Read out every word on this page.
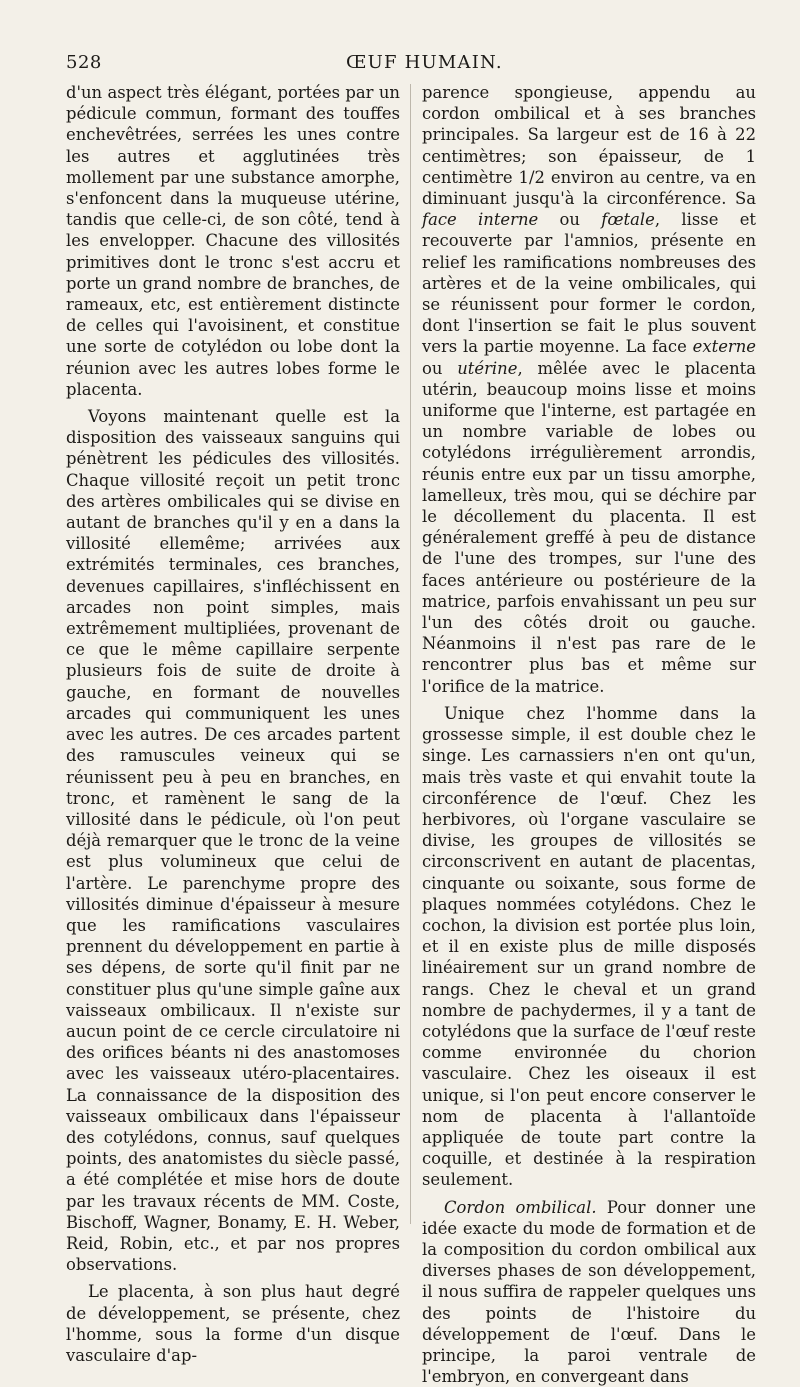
528	ŒUF HUMAIN.

d'un aspect très élégant, portées par un pédicule commun, formant des touffes enchevêtrées, serrées les unes contre les autres et agglutinées très mollement par une substance amorphe, s'enfoncent dans la muqueuse utérine, tandis que celle-ci, de son côté, tend à les envelopper. Chacune des villosités primitives dont le tronc s'est accru et porte un grand nombre de branches, de rameaux, etc, est entièrement distincte de celles qui l'avoisinent, et constitue une sorte de cotylédon ou lobe dont la réunion avec les autres lobes forme le placenta.

Voyons maintenant quelle est la disposition des vaisseaux sanguins qui pénètrent les pédicules des villosités. Chaque villosité reçoit un petit tronc des artères ombilicales qui se divise en autant de branches qu'il y en a dans la villosité ellemême; arrivées aux extrémités terminales, ces branches, devenues capillaires, s'infléchissent en arcades non point simples, mais extrêmement multipliées, provenant de ce que le même capillaire serpente plusieurs fois de suite de droite à gauche, en formant de nouvelles arcades qui communiquent les unes avec les autres. De ces arcades partent des ramuscules veineux qui se réunissent peu à peu en branches, en tronc, et ramènent le sang de la villosité dans le pédicule, où l'on peut déjà remarquer que le tronc de la veine est plus volumineux que celui de l'artère. Le parenchyme propre des villosités diminue d'épaisseur à mesure que les ramifications vasculaires prennent du développement en partie à ses dépens, de sorte qu'il finit par ne constituer plus qu'une simple gaîne aux vaisseaux ombilicaux. Il n'existe sur aucun point de ce cercle circulatoire ni des orifices béants ni des anastomoses avec les vaisseaux utéro-placentaires. La connaissance de la disposition des vaisseaux ombilicaux dans l'épaisseur des cotylédons, connus, sauf quelques points, des anatomistes du siècle passé, a été complétée et mise hors de doute par les travaux récents de MM. Coste, Bischoff, Wagner, Bonamy, E. H. Weber, Reid, Robin, etc., et par nos propres observations.

Le placenta, à son plus haut degré de développement, se présente, chez l'homme, sous la forme d'un disque vasculaire d'ap-

parence spongieuse, appendu au cordon ombilical et à ses branches principales. Sa largeur est de 16 à 22 centimètres; son épaisseur, de 1 centimètre 1/2 environ au centre, va en diminuant jusqu'à la circonférence. Sa face interne ou fœtale, lisse et recouverte par l'amnios, présente en relief les ramifications nombreuses des artères et de la veine ombilicales, qui se réunissent pour former le cordon, dont l'insertion se fait le plus souvent vers la partie moyenne. La face externe ou utérine, mêlée avec le placenta utérin, beaucoup moins lisse et moins uniforme que l'interne, est partagée en un nombre variable de lobes ou cotylédons irrégulièrement arrondis, réunis entre eux par un tissu amorphe, lamelleux, très mou, qui se déchire par le décollement du placenta. Il est généralement greffé à peu de distance de l'une des trompes, sur l'une des faces antérieure ou postérieure de la matrice, parfois envahissant un peu sur l'un des côtés droit ou gauche. Néanmoins il n'est pas rare de le rencontrer plus bas et même sur l'orifice de la matrice.

Unique chez l'homme dans la grossesse simple, il est double chez le singe. Les carnassiers n'en ont qu'un, mais très vaste et qui envahit toute la circonférence de l'œuf. Chez les herbivores, où l'organe vasculaire se divise, les groupes de villosités se circonscrivent en autant de placentas, cinquante ou soixante, sous forme de plaques nommées cotylédons. Chez le cochon, la division est portée plus loin, et il en existe plus de mille disposés linéairement sur un grand nombre de rangs. Chez le cheval et un grand nombre de pachydermes, il y a tant de cotylédons que la surface de l'œuf reste comme environnée du chorion vasculaire. Chez les oiseaux il est unique, si l'on peut encore conserver le nom de placenta à l'allantoïde appliquée de toute part contre la coquille, et destinée à la respiration seulement.

Cordon ombilical. Pour donner une idée exacte du mode de formation et de la composition du cordon ombilical aux diverses phases de son développement, il nous suffira de rappeler quelques uns des points de l'histoire du développement de l'œuf. Dans le principe, la paroi ventrale de l'embryon, en convergeant dans
